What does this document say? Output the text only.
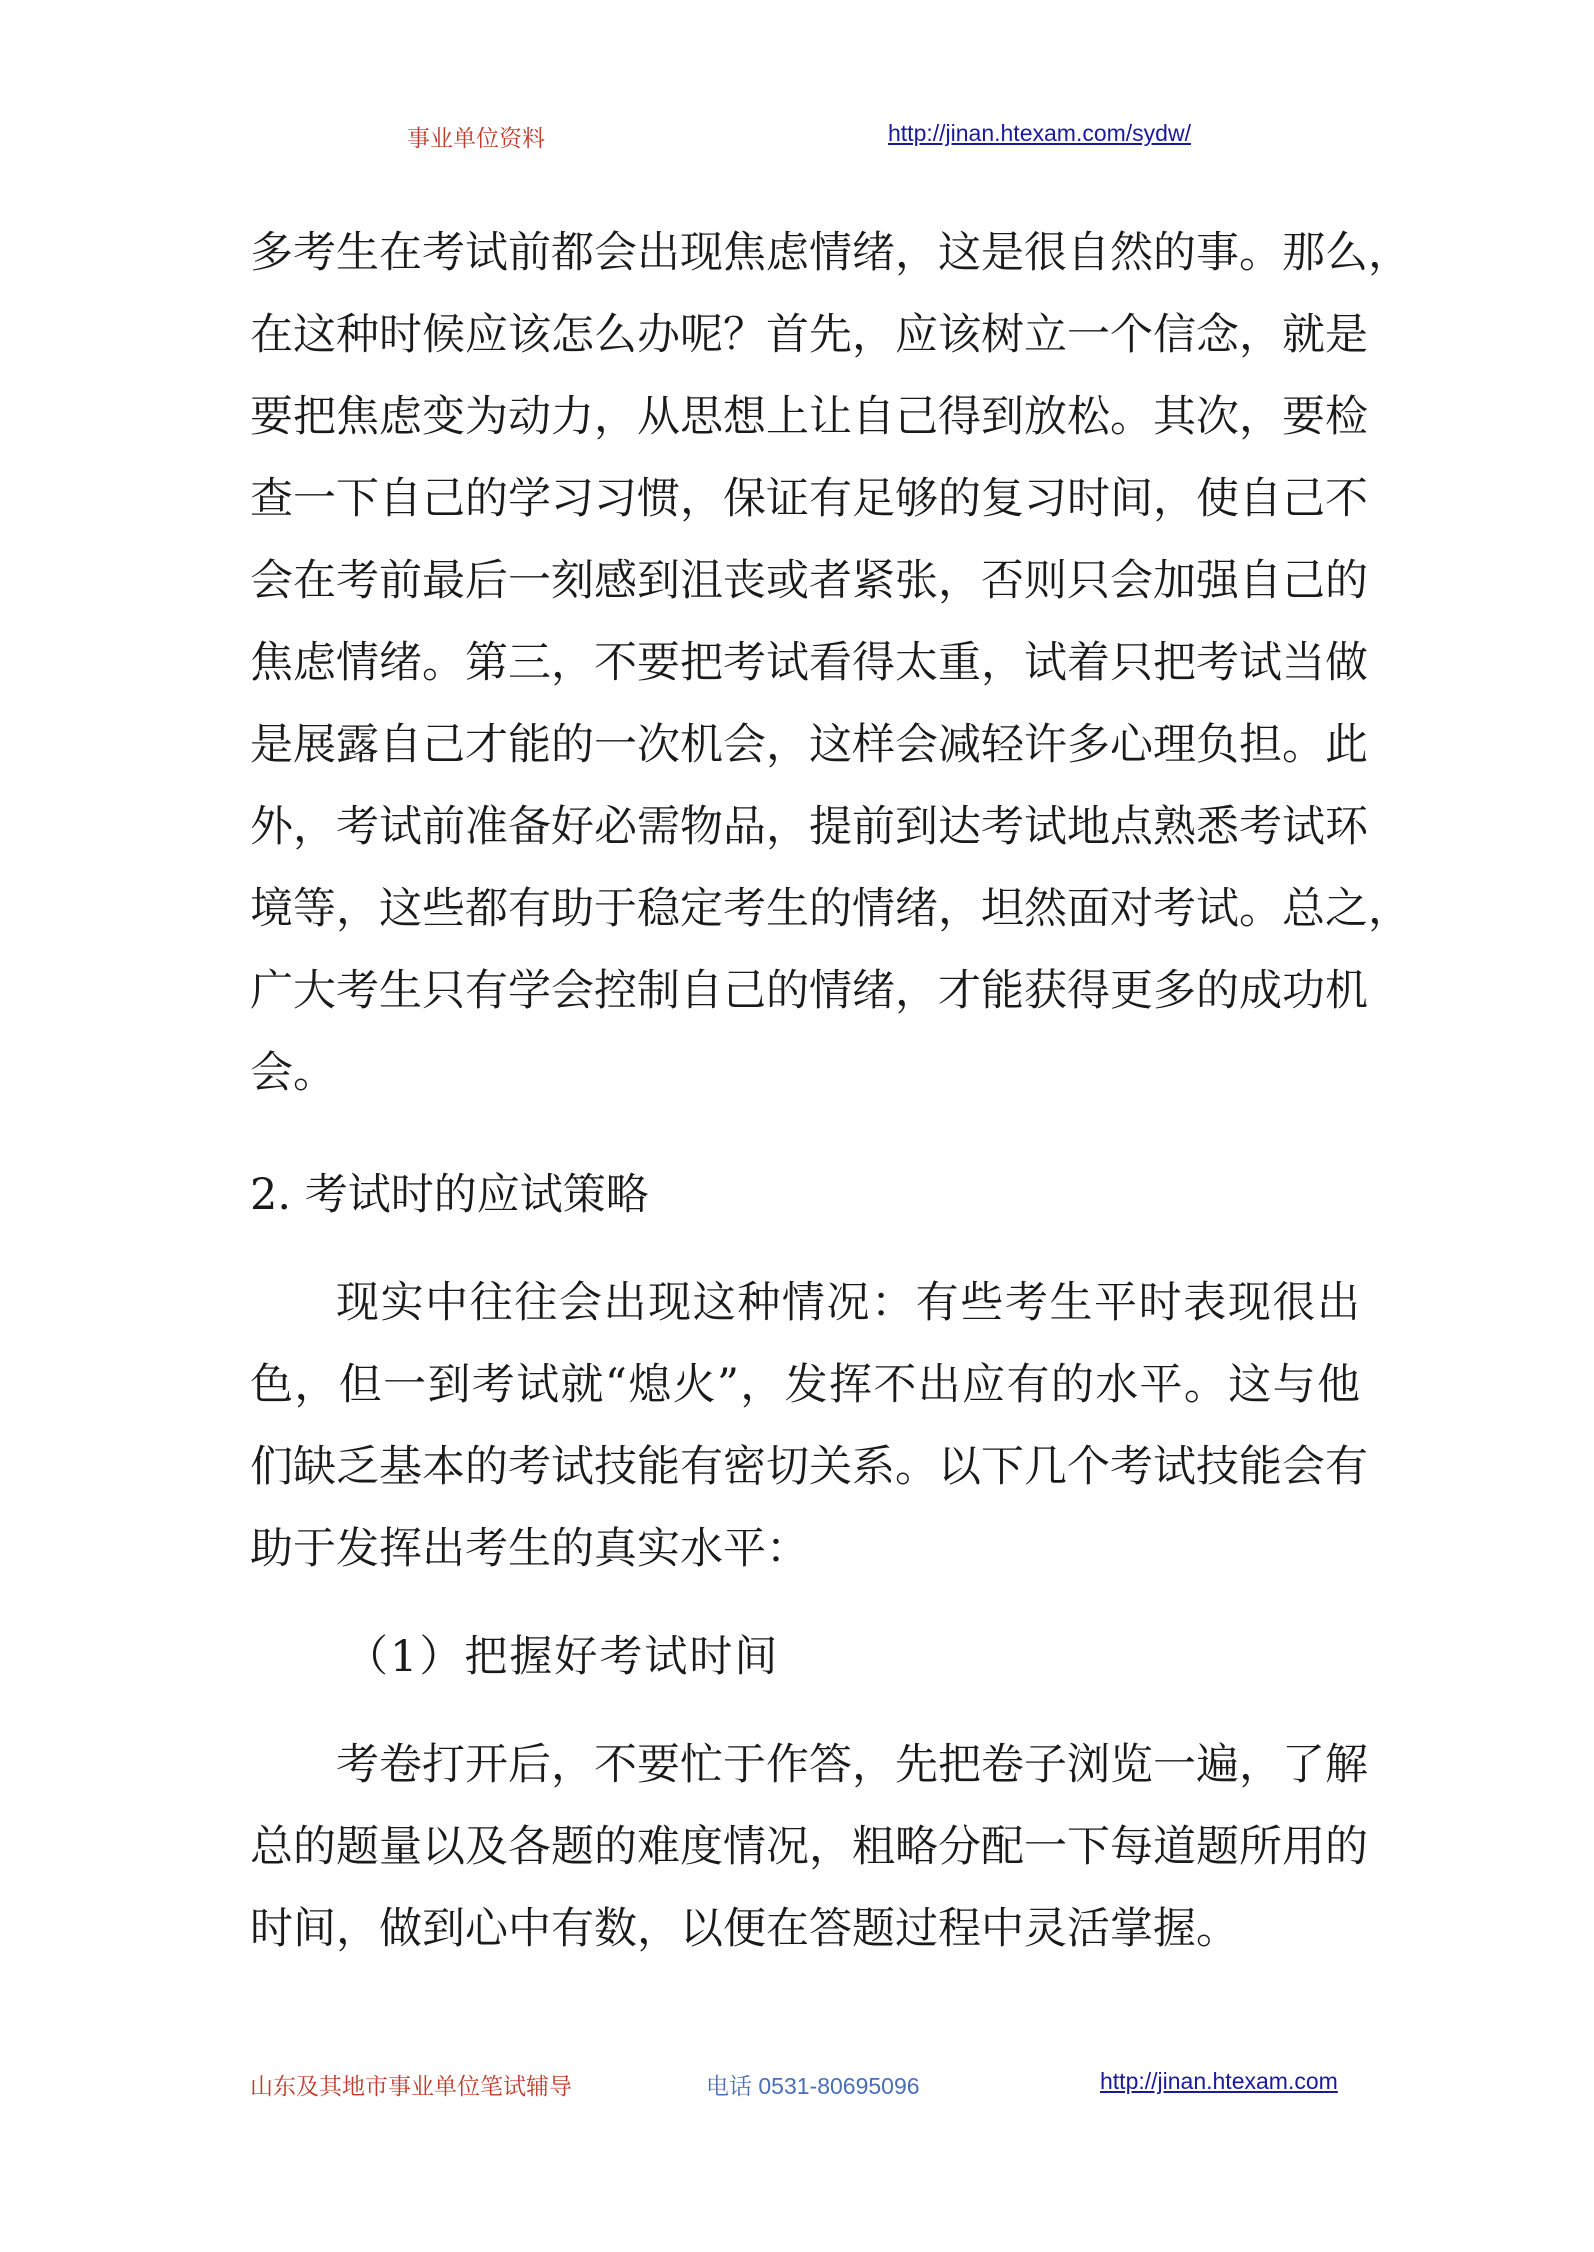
事业单位资料	http://jinan.htexam.com/sydw/
多考生在考试前都会出现焦虑情绪，这是很自然的事。那么，
在这种时候应该怎么办呢？首先，应该树立一个信念，就是
要把焦虑变为动力，从思想上让自己得到放松。其次，要检
查一下自己的学习习惯，保证有足够的复习时间，使自己不
会在考前最后一刻感到沮丧或者紧张，否则只会加强自己的
焦虑情绪。第三，不要把考试看得太重，试着只把考试当做
是展露自己才能的一次机会，这样会减轻许多心理负担。此
外，考试前准备好必需物品，提前到达考试地点熟悉考试环
境等，这些都有助于稳定考生的情绪，坦然面对考试。总之，
广大考生只有学会控制自己的情绪，才能获得更多的成功机
会。
2. 考试时的应试策略
现实中往往会出现这种情况：有些考生平时表现很出
色，但一到考试就“熄火”，发挥不出应有的水平。这与他
们缺乏基本的考试技能有密切关系。以下几个考试技能会有
助于发挥出考生的真实水平：
（1）把握好考试时间
考卷打开后，不要忙于作答，先把卷子浏览一遍，了解
总的题量以及各题的难度情况，粗略分配一下每道题所用的
时间，做到心中有数，以便在答题过程中灵活掌握。
山东及其地市事业单位笔试辅导	电话 0531-80695096	http://jinan.htexam.com
